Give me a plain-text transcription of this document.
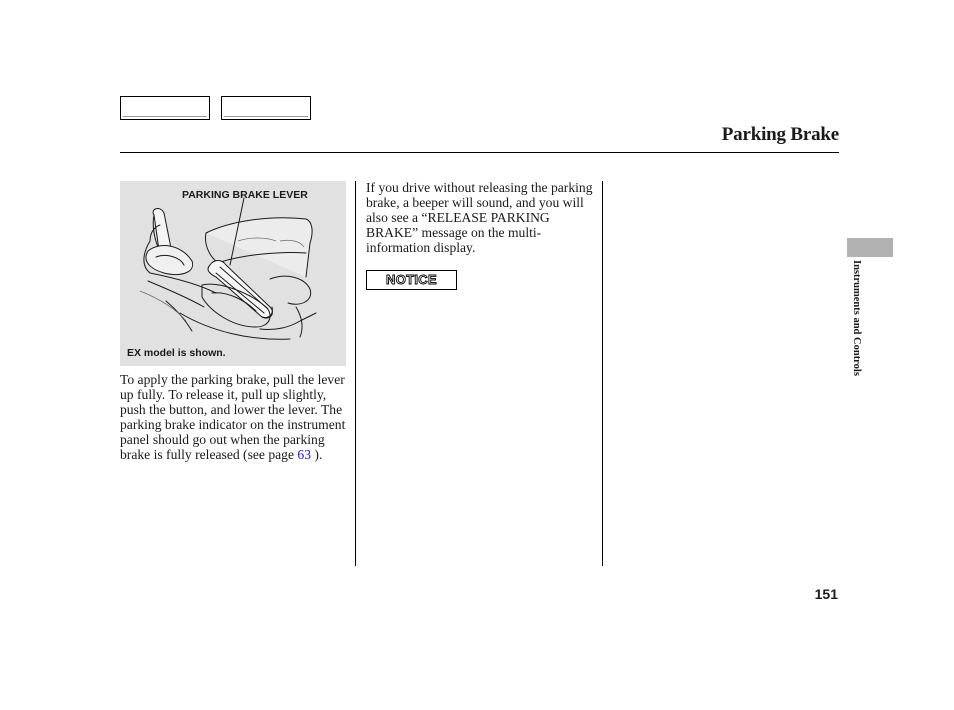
Parking Brake
PARKING BRAKE LEVER
EX model is shown.

To apply the parking brake, pull the lever up fully. To release it, pull up slightly, push the button, and lower the lever. The parking brake indicator on the instrument panel should go out when the parking brake is fully released (see page 63 ).

If you drive without releasing the parking brake, a beeper will sound, and you will also see a “RELEASE PARKING BRAKE” message on the multi-information display.

NOTICE	Instruments and Controls
151
